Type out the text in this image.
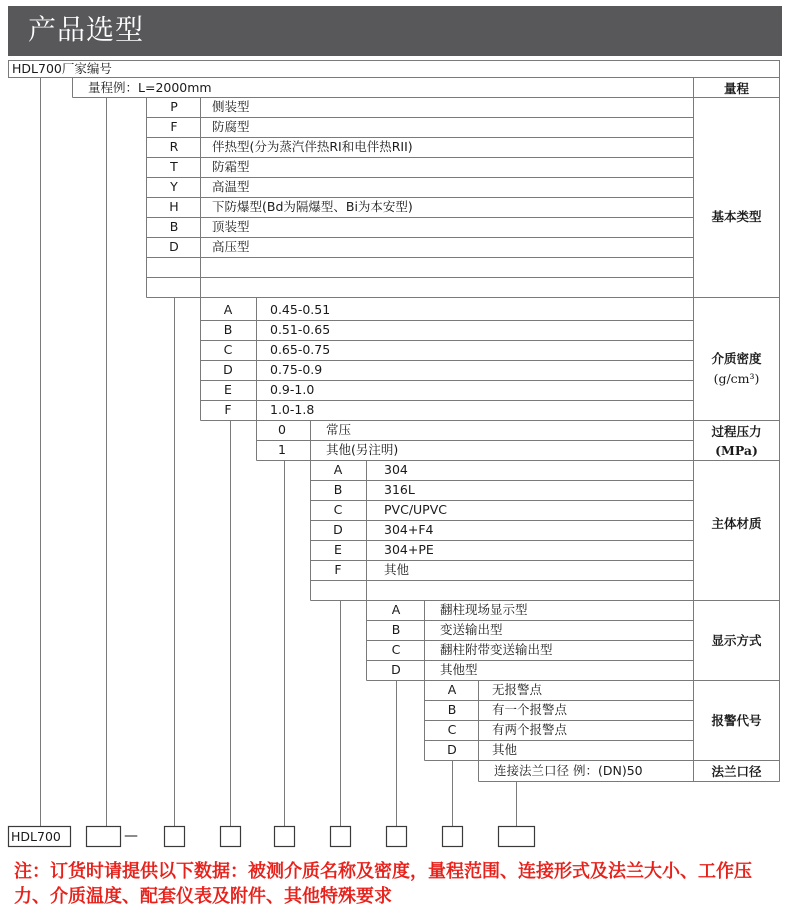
产品选型
HDL700厂家编号
量程例：L=2000mm	量程
P	侧装型
F	防腐型
R	伴热型(分为蒸汽伴热RI和电伴热RII)
T	防霜型
Y	高温型
H	下防爆型(Bd为隔爆型、Bi为本安型)
B	顶装型
D	高压型
基本类型
A	0.45-0.51
B	0.51-0.65
C	0.65-0.75
D	0.75-0.9
E	0.9-1.0
F	1.0-1.8
介质密度
(g/cm³)
0	常压
1	其他(另注明)
过程压力
(MPa)
A	304
B	316L
C	PVC/UPVC
D	304+F4
E	304+PE
F	其他
主体材质
A	翻柱现场显示型
B	变送输出型
C	翻柱附带变送输出型
D	其他型
显示方式
A	无报警点
B	有一个报警点
C	有两个报警点
D	其他
报警代号
连接法兰口径 例：(DN)50	法兰口径
HDL700	—
注：订货时请提供以下数据：被测介质名称及密度，量程范围、连接形式及法兰大小、工作压力、介质温度、配套仪表及附件、其他特殊要求
